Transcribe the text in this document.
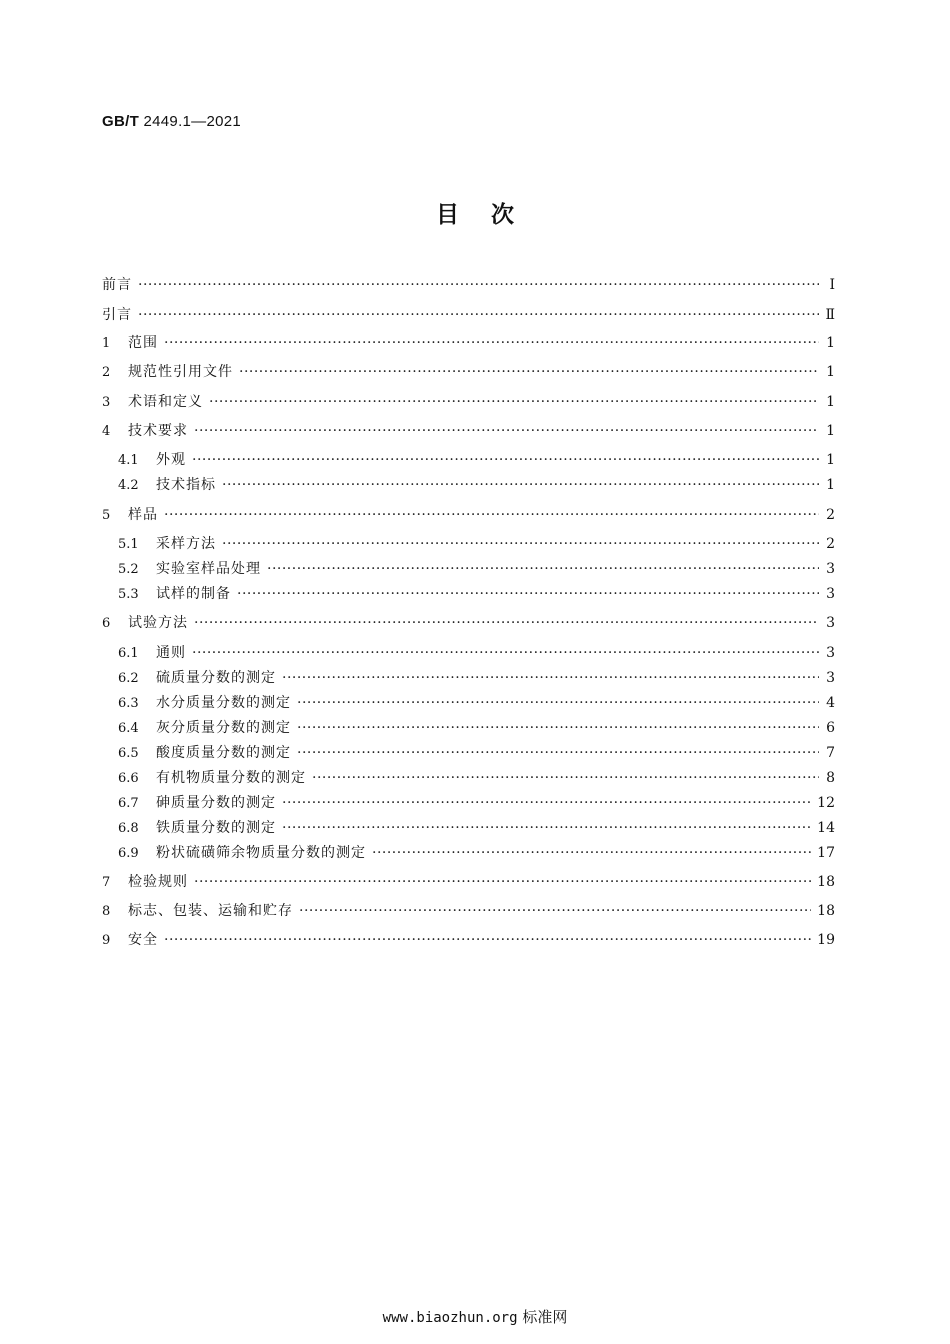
GB/T 2449.1—2021
目    次
前言 ·····	Ⅰ
引言 ·····	Ⅱ
1	范围 ·····	1
2	规范性引用文件 ·····	1
3	术语和定义 ·····	1
4	技术要求 ·····	1
4.1	外观 ·····	1
4.2	技术指标 ·····	1
5	样品 ·····	2
5.1	采样方法 ·····	2
5.2	实验室样品处理 ·····	3
5.3	试样的制备 ·····	3
6	试验方法 ·····	3
6.1	通则 ·····	3
6.2	硫质量分数的测定 ·····	3
6.3	水分质量分数的测定 ·····	4
6.4	灰分质量分数的测定 ·····	6
6.5	酸度质量分数的测定 ·····	7
6.6	有机物质量分数的测定 ·····	8
6.7	砷质量分数的测定 ·····	12
6.8	铁质量分数的测定 ·····	14
6.9	粉状硫磺筛余物质量分数的测定 ·····	17
7	检验规则 ·····	18
8	标志、包装、运输和贮存 ·····	18
9	安全 ·····	19
www.biaozhun.org 标准网
